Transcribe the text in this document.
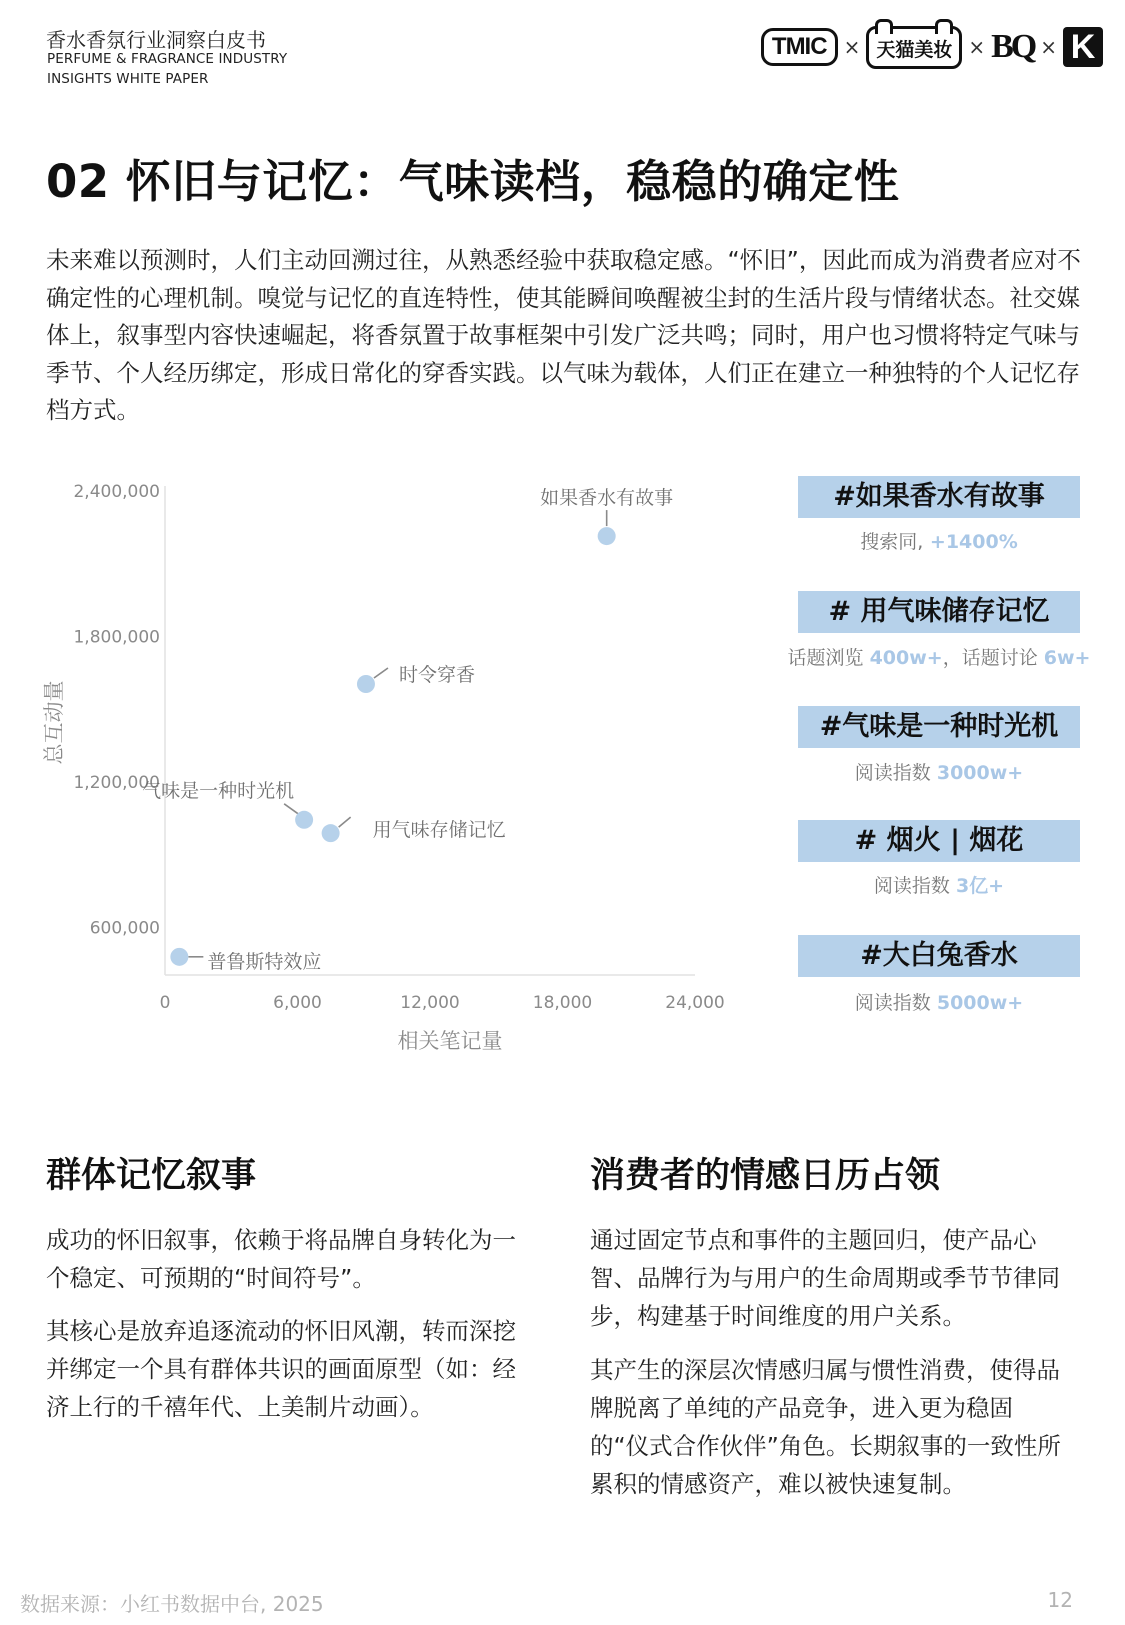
香水香氛行业洞察白皮书
PERFUME & FRAGRANCE INDUSTRY
INSIGHTS WHITE PAPER
TMIC × 天猫美妆 × BQ × K
02 怀旧与记忆：气味读档，稳稳的确定性
未来难以预测时，人们主动回溯过往，从熟悉经验中获取稳定感。“怀旧”，因此而成为消费者应对不确定性的心理机制。嗅觉与记忆的直连特性，使其能瞬间唤醒被尘封的生活片段与情绪状态。社交媒体上，叙事型内容快速崛起，将香氛置于故事框架中引发广泛共鸣；同时，用户也习惯将特定气味与季节、个人经历绑定，形成日常化的穿香实践。以气味为载体，人们正在建立一种独特的个人记忆存档方式。
600,000
1,200,000
1,800,000
2,400,000
0	6,000	12,000	18,000	24,000
相关笔记量
总互动量
如果香水有故事
时令穿香
气味是一种时光机
用气味存储记忆
普鲁斯特效应
#如果香水有故事
搜索同, +1400%
# 用气味储存记忆
话题浏览 400w+，话题讨论 6w+
#气味是一种时光机
阅读指数 3000w+
# 烟火 | 烟花
阅读指数 3亿+
#大白兔香水
阅读指数 5000w+
群体记忆叙事
成功的怀旧叙事，依赖于将品牌自身转化为一个稳定、可预期的“时间符号”。
其核心是放弃追逐流动的怀旧风潮，转而深挖并绑定一个具有群体共识的画面原型（如：经济上行的千禧年代、上美制片动画）。
消费者的情感日历占领
通过固定节点和事件的主题回归，使产品心智、品牌行为与用户的生命周期或季节节律同步，构建基于时间维度的用户关系。
其产生的深层次情感归属与惯性消费，使得品牌脱离了单纯的产品竞争，进入更为稳固的“仪式合作伙伴”角色。长期叙事的一致性所累积的情感资产，难以被快速复制。
数据来源：小红书数据中台, 2025	12
